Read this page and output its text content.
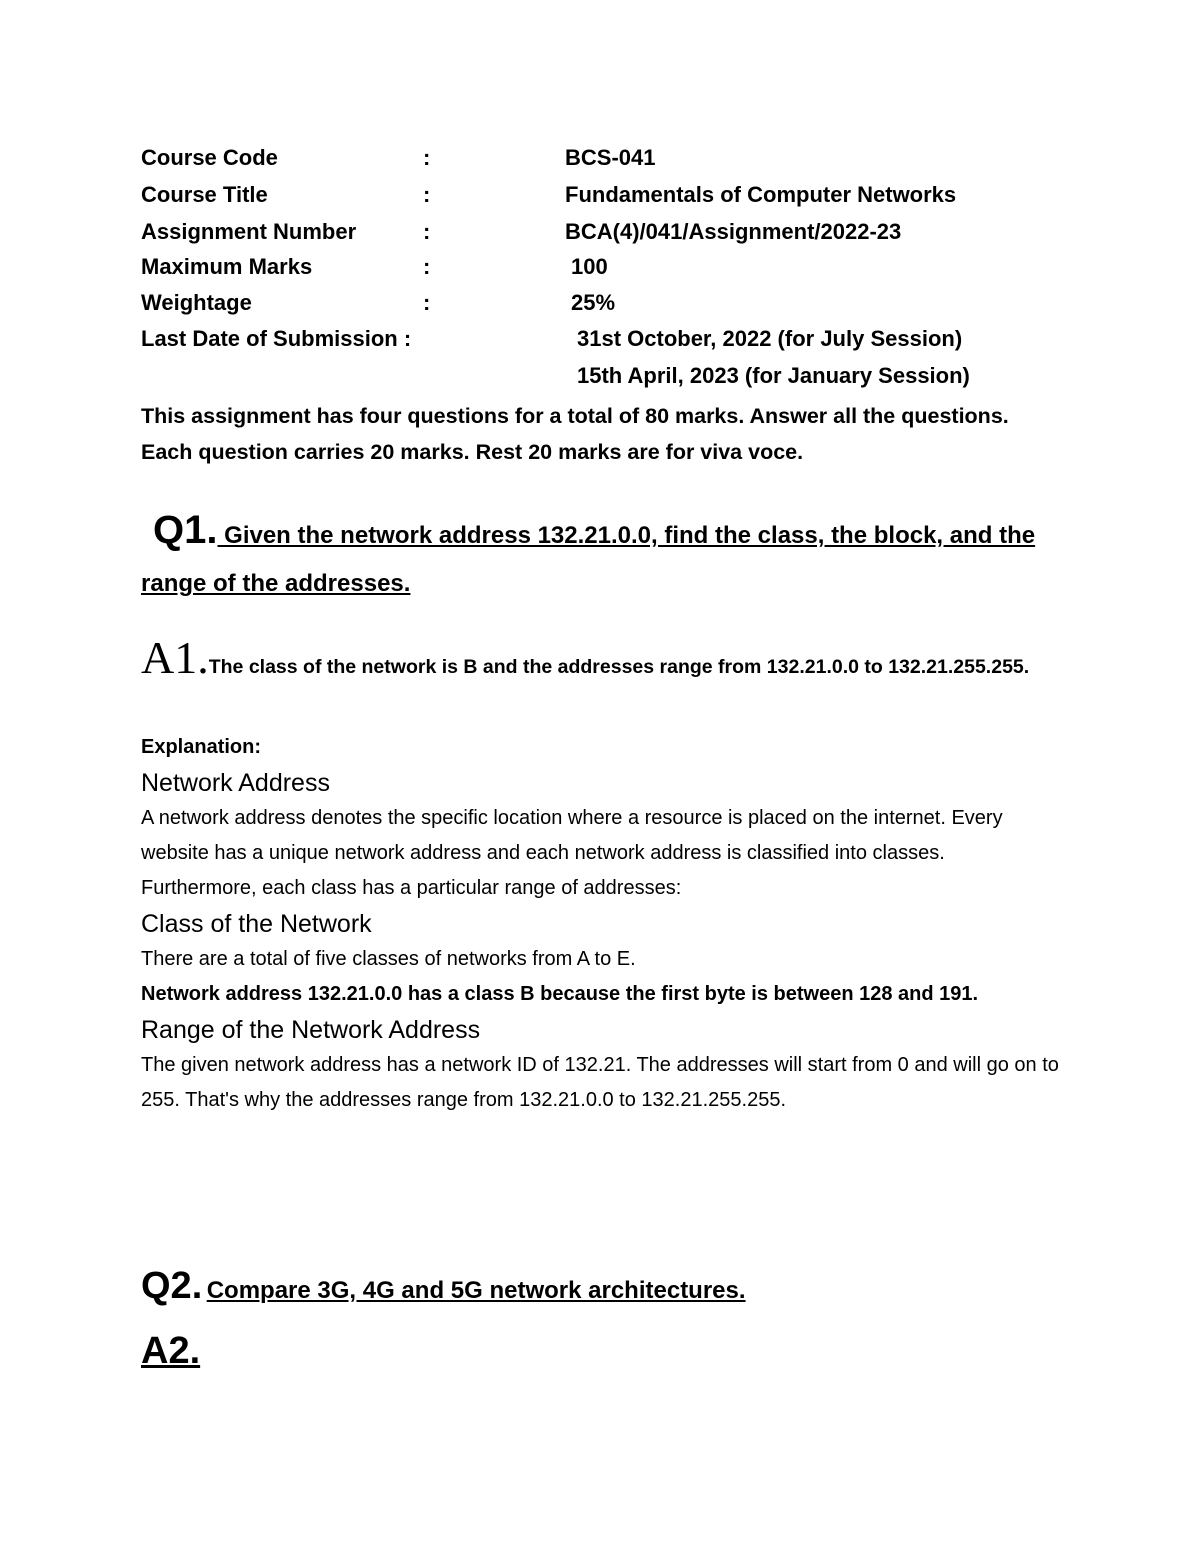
Course Code	:	BCS-041
Course Title	:	Fundamentals of Computer Networks
Assignment Number	:	BCA(4)/041/Assignment/2022-23
Maximum Marks	:	100
Weightage	:	25%
Last Date of Submission :	31st October, 2022 (for July Session)
15th April, 2023 (for January Session)
This assignment has four questions for a total of 80 marks. Answer all the questions. Each question carries 20 marks. Rest 20 marks are for viva voce.
Q1. Given the network address 132.21.0.0, find the class, the block, and the range of the addresses.
A1.The class of the network is B and the addresses range from 132.21.0.0 to 132.21.255.255.
Explanation:
Network Address
A network address denotes the specific location where a resource is placed on the internet. Every website has a unique network address and each network address is classified into classes.
Furthermore, each class has a particular range of addresses:
Class of the Network
There are a total of five classes of networks from A to E.
Network address 132.21.0.0 has a class B because the first byte is between 128 and 191.
Range of the Network Address
The given network address has a network ID of 132.21. The addresses will start from 0 and will go on to 255. That's why the addresses range from 132.21.0.0 to 132.21.255.255.
Q2. Compare 3G, 4G and 5G network architectures.
A2.
